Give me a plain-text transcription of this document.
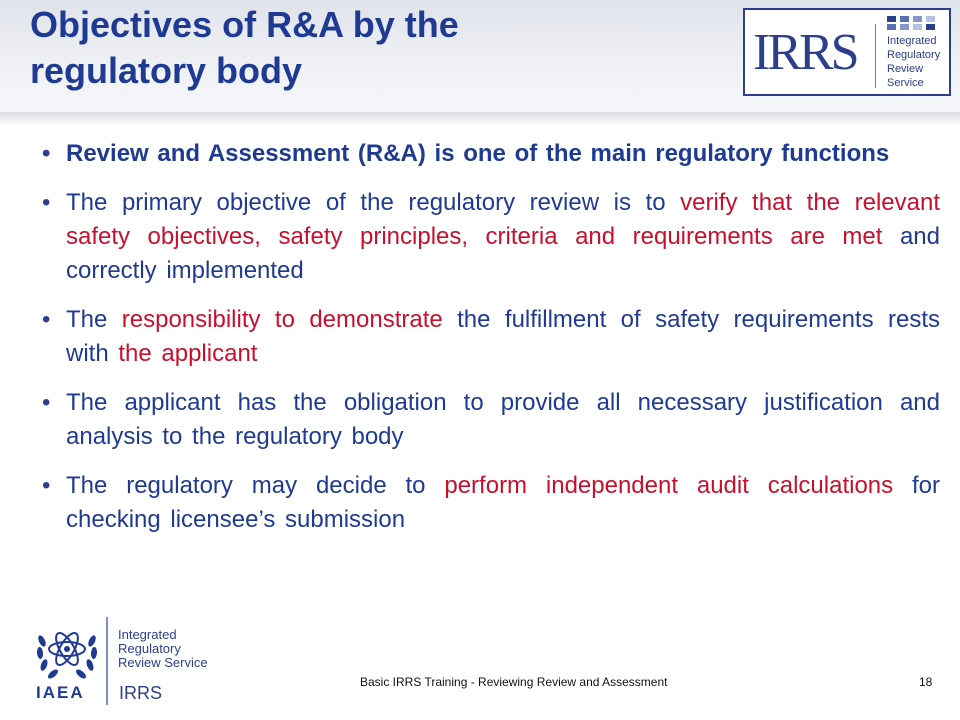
Objectives of R&A by the
regulatory body	IRRS	Integrated
Regulatory
Review
Service
• Review and Assessment (R&A) is one of the main regulatory functions
• The primary objective of the regulatory review is to verify that the relevant safety objectives, safety principles, criteria and requirements are met and correctly implemented
• The responsibility to demonstrate the fulfillment of safety requirements rests with the applicant
• The applicant has the obligation to provide all necessary justification and analysis to the regulatory body
• The regulatory may decide to perform independent audit calculations for checking licensee’s submission
IAEA
Integrated
Regulatory
Review Service
IRRS
Basic IRRS Training - Reviewing Review and Assessment	18
